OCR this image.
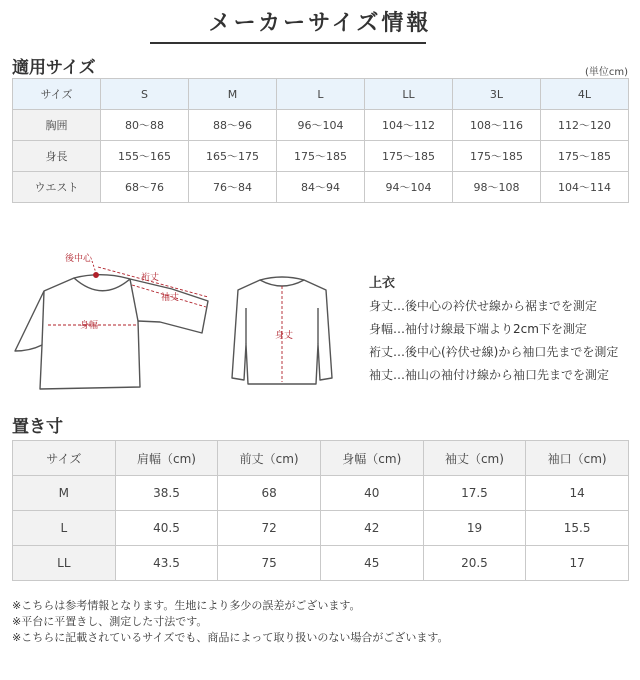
メーカーサイズ情報
適用サイズ	(単位cm)
サイズ	S	M	L	LL	3L	4L
胸囲	80〜88	88〜96	96〜104	104〜112	108〜116	112〜120
身長	155〜165	165〜175	175〜185	175〜185	175〜185	175〜185
ウエスト	68〜76	76〜84	84〜94	94〜104	98〜108	104〜114
後中心
裄丈
袖丈
身幅
身丈
上衣
身丈…後中心の衿伏せ線から裾までを測定
身幅…袖付け線最下端より2cm下を測定
裄丈…後中心(衿伏せ線)から袖口先までを測定
袖丈…袖山の袖付け線から袖口先までを測定
置き寸
サイズ	肩幅（cm)	前丈（cm)	身幅（cm)	袖丈（cm)	袖口（cm)
M	38.5	68	40	17.5	14
L	40.5	72	42	19	15.5
LL	43.5	75	45	20.5	17
※こちらは参考情報となります。生地により多少の誤差がございます。
※平台に平置きし、測定した寸法です。
※こちらに記載されているサイズでも、商品によって取り扱いのない場合がございます。
